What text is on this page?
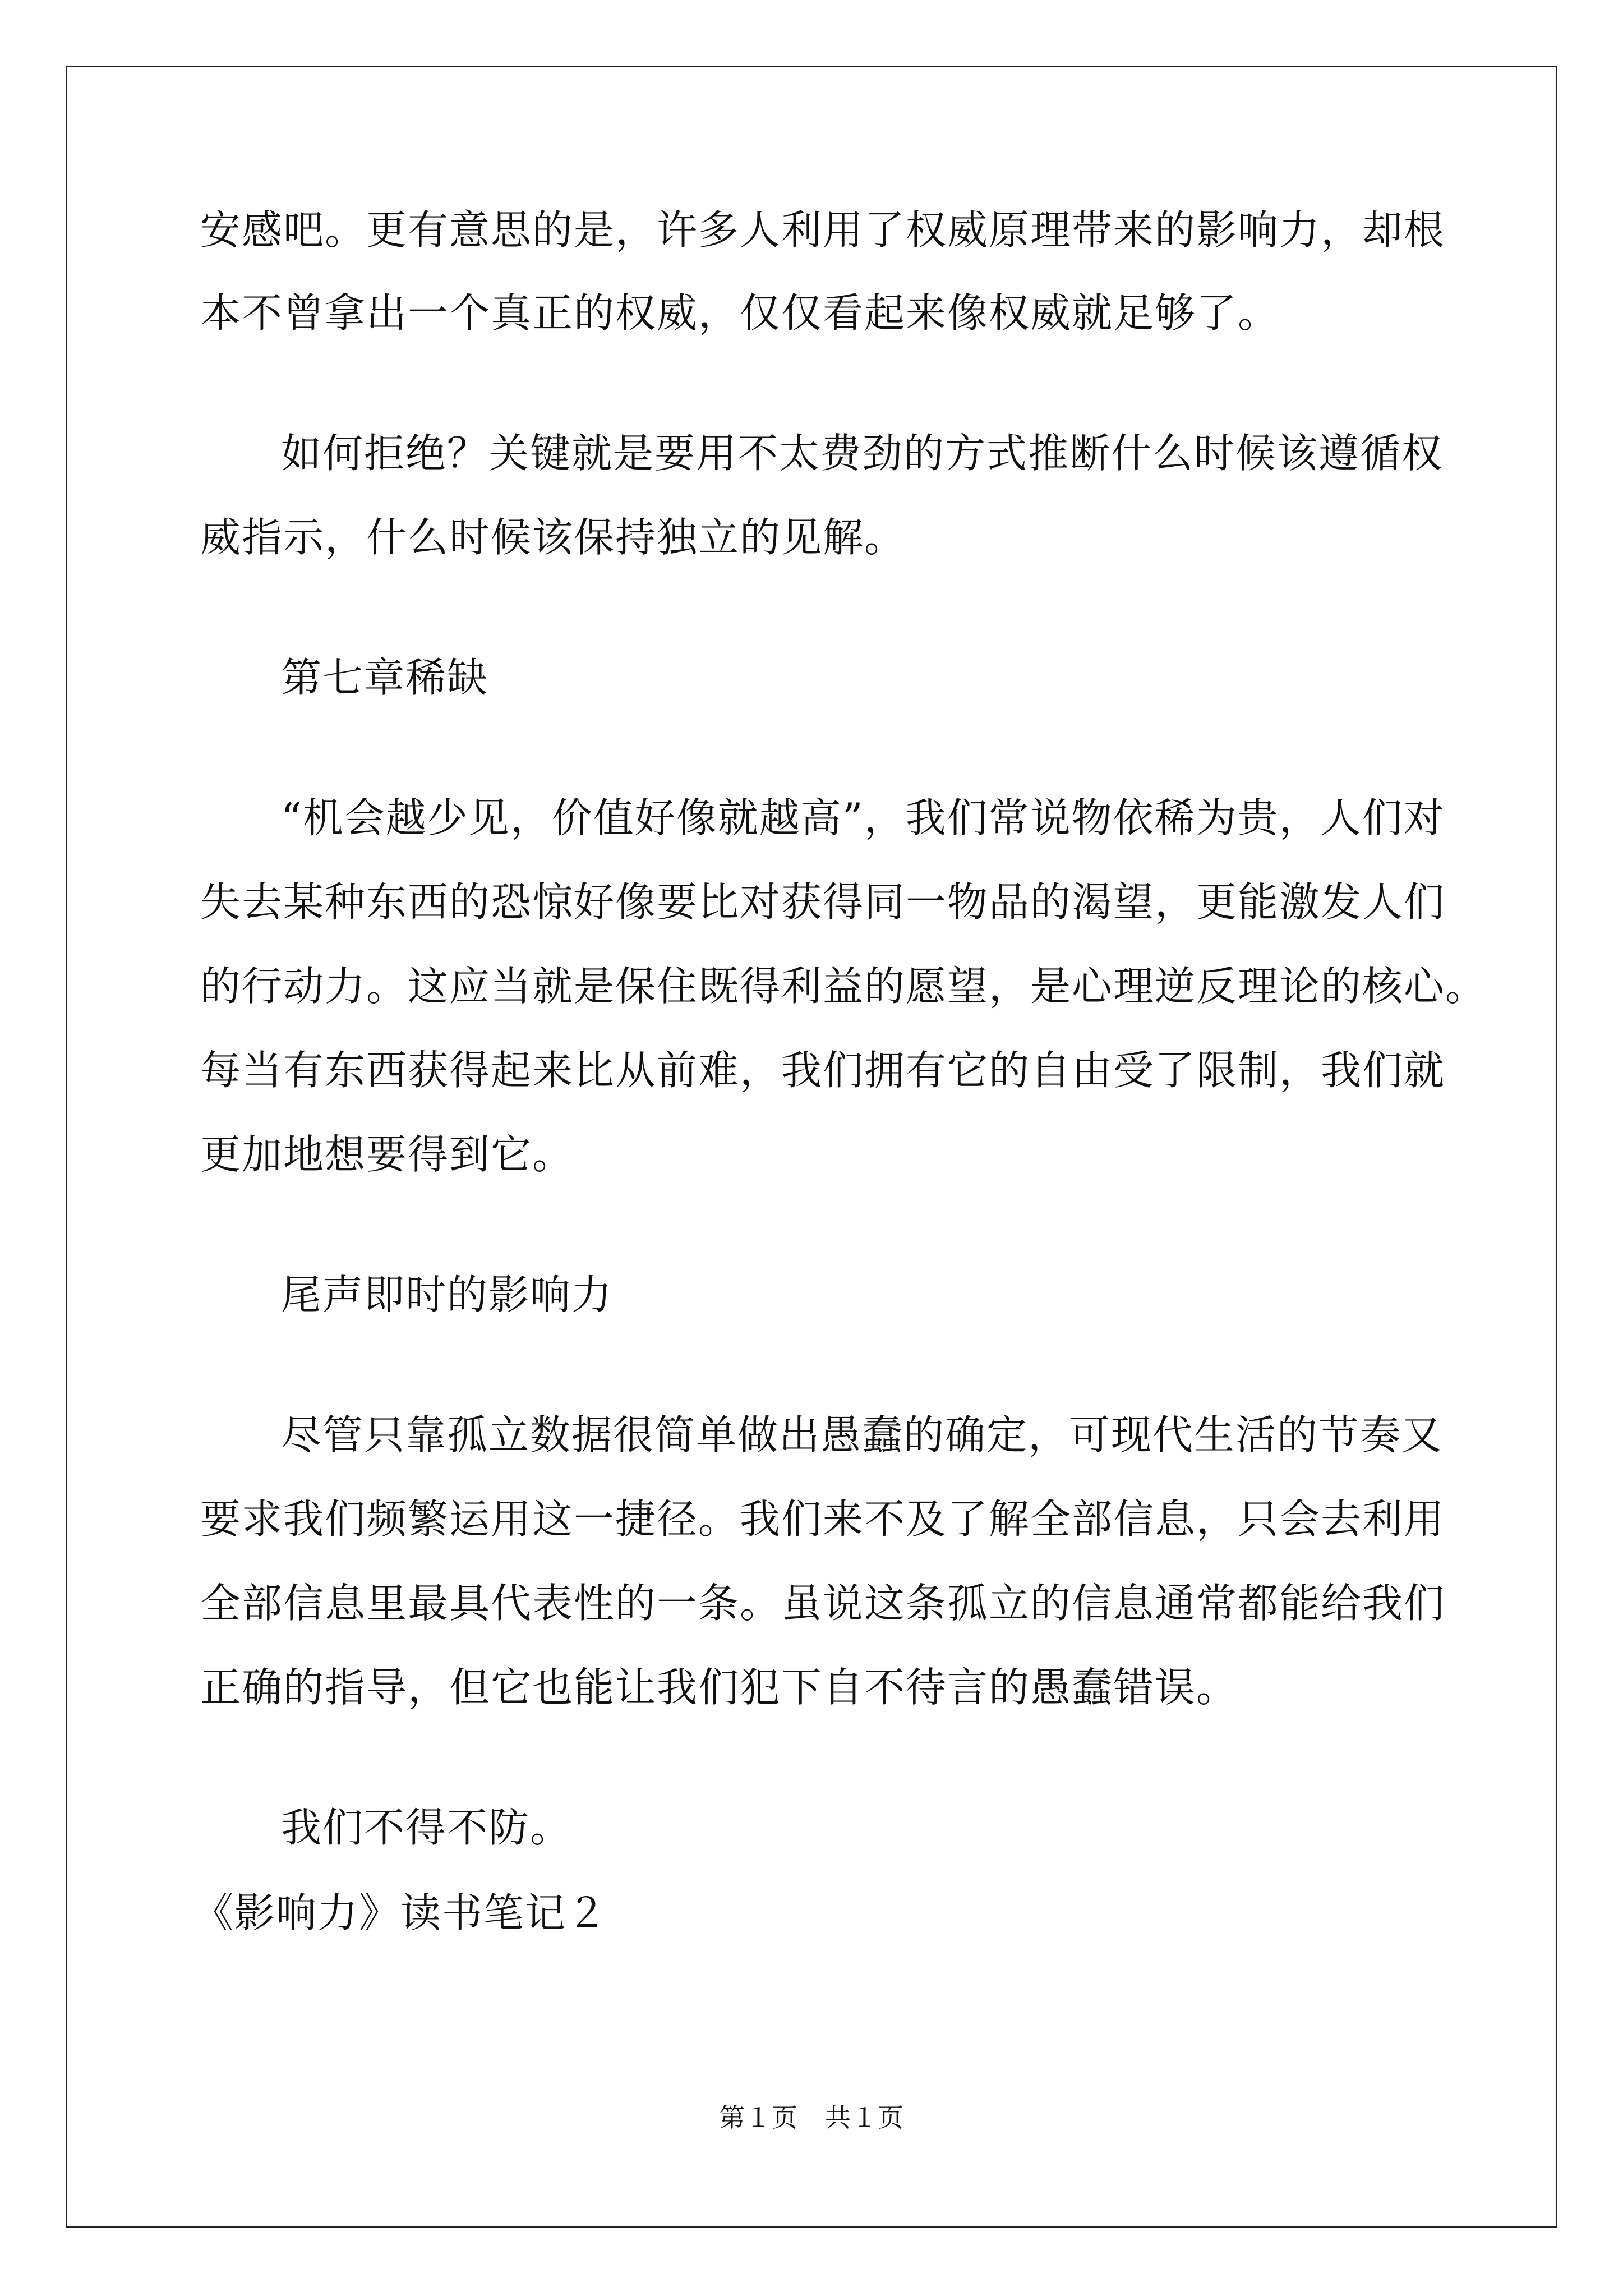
安感吧。更有意思的是，许多人利用了权威原理带来的影响力，却根
本不曾拿出一个真正的权威，仅仅看起来像权威就足够了。
如何拒绝？关键就是要用不太费劲的方式推断什么时候该遵循权
威指示，什么时候该保持独立的见解。
第七章稀缺
“机会越少见，价值好像就越高”，我们常说物依稀为贵，人们对
失去某种东西的恐惊好像要比对获得同一物品的渴望，更能激发人们
的行动力。这应当就是保住既得利益的愿望，是心理逆反理论的核心。
每当有东西获得起来比从前难，我们拥有它的自由受了限制，我们就
更加地想要得到它。
尾声即时的影响力
尽管只靠孤立数据很简单做出愚蠢的确定，可现代生活的节奏又
要求我们频繁运用这一捷径。我们来不及了解全部信息，只会去利用
全部信息里最具代表性的一条。虽说这条孤立的信息通常都能给我们
正确的指导，但它也能让我们犯下自不待言的愚蠢错误。
我们不得不防。
《影响力》读书笔记２
第１页 共１页
